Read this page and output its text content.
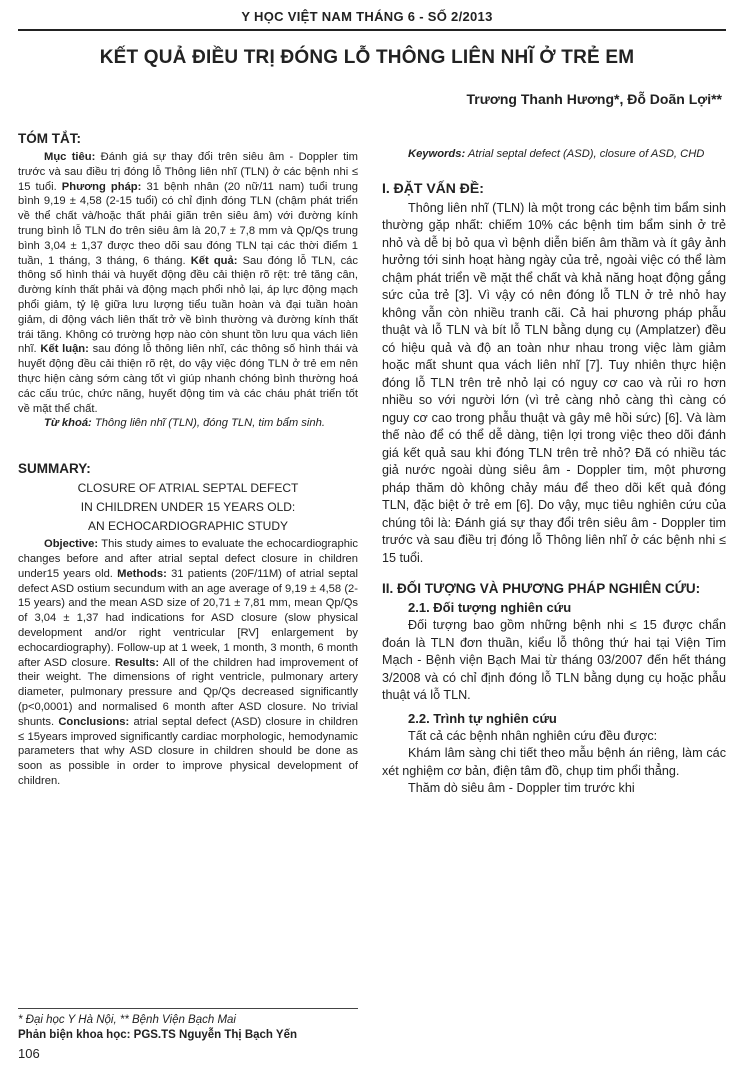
Y HỌC VIỆT NAM THÁNG 6 - SỐ 2/2013
KẾT QUẢ ĐIỀU TRỊ ĐÓNG LỖ THÔNG LIÊN NHĨ Ở TRẺ EM
Trương Thanh Hương*, Đỗ Doãn Lợi**
TÓM TẮT:

Mục tiêu: Đánh giá sự thay đổi trên siêu âm - Doppler tim trước và sau điều trị đóng lỗ Thông liên nhĩ (TLN) ở các bệnh nhi ≤ 15 tuổi. Phương pháp: 31 bệnh nhân (20 nữ/11 nam) tuổi trung bình 9,19 ± 4,58 (2-15 tuổi) có chỉ định đóng TLN (chậm phát triển về thể chất và/hoặc thất phải giãn trên siêu âm) với đường kính trung bình lỗ TLN đo trên siêu âm là 20,7 ± 7,8 mm và Qp/Qs trung bình 3,04 ± 1,37 được theo dõi sau đóng TLN tại các thời điểm 1 tuần, 1 tháng, 3 tháng, 6 tháng. Kết quả: Sau đóng lỗ TLN, các thông số hình thái và huyết động đều cải thiện rõ rệt: trẻ tăng cân, đường kính thất phải và động mạch phổi nhỏ lại, áp lực động mạch phổi giảm, tỷ lệ giữa lưu lượng tiểu tuần hoàn và đại tuần hoàn giảm, di động vách liên thất trở về bình thường và đường kính thất trái tăng. Không có trường hợp nào còn shunt tồn lưu qua vách liên nhĩ. Kết luận: sau đóng lỗ thông liên nhĩ, các thông số hình thái và huyết động đều cải thiện rõ rệt, do vậy việc đóng TLN ở trẻ em nên thực hiện càng sớm càng tốt vì giúp nhanh chóng bình thường hoá các cấu trúc, chức năng, huyết động tim và các cháu phát triển tốt về mặt thể chất.

Từ khoá: Thông liên nhĩ (TLN), đóng TLN, tim bẩm sinh.

SUMMARY:
CLOSURE OF ATRIAL SEPTAL DEFECT
IN CHILDREN UNDER 15 YEARS OLD:
AN ECHOCARDIOGRAPHIC STUDY

Objective: This study aimes to evaluate the echocardiographic changes before and after atrial septal defect closure in children under15 years old. Methods: 31 patients (20F/11M) of atrial septal defect ASD ostium secundum with an age average of 9,19 ± 4,58 (2-15 years) and the mean ASD size of 20,71 ± 7,81 mm, mean Qp/Qs of 3,04 ± 1,37 had indications for ASD closure (slow physical development and/or right ventricular [RV] enlargement by echocardiography). Follow-up at 1 week, 1 month, 3 month, 6 month after ASD closure. Results: All of the children had improvement of their weight. The dimensions of right ventricle, pulmonary artery diameter, pulmonary pressure and Qp/Qs decreased significantly (p<0,0001) and normalised 6 month after ASD closure. No trivial shunts. Conclusions: atrial septal defect (ASD) closure in children ≤ 15years improved significantly cardiac morphologic, hemodynamic parameters that why ASD closure in children should be done as soon as possible in order to improve physical development of children.

* Đại học Y Hà Nội, ** Bệnh Viện Bạch Mai
Phản biện khoa học: PGS.TS Nguyễn Thị Bạch Yến
106

Keywords: Atrial septal defect (ASD), closure of ASD, CHD

I. ĐẶT VẤN ĐỀ:

Thông liên nhĩ (TLN) là một trong các bệnh tim bẩm sinh thường gặp nhất: chiếm 10% các bệnh tim bẩm sinh ở trẻ nhỏ và dễ bị bỏ qua vì bệnh diễn biến âm thầm và ít gây ảnh hưởng tới sinh hoạt hàng ngày của trẻ, ngoài việc có thể làm chậm phát triển về mặt thể chất và khả năng hoạt động gắng sức của trẻ [3]. Vì vậy có nên đóng lỗ TLN ở trẻ nhỏ hay không vẫn còn nhiều tranh cãi. Cả hai phương pháp phẫu thuật và lỗ TLN và bít lỗ TLN bằng dụng cụ (Amplatzer) đều có hiệu quả và độ an toàn như nhau trong việc làm giảm hoặc mất shunt qua vách liên nhĩ [7]. Tuy nhiên thực hiện đóng lỗ TLN trên trẻ nhỏ lại có nguy cơ cao và rủi ro hơn nhiều so với người lớn (vì trẻ càng nhỏ càng thì càng có nguy cơ cao trong phẫu thuật và gây mê hồi sức) [6]. Và làm thế nào để có thể dễ dàng, tiện lợi trong việc theo dõi đánh giá kết quả sau khi đóng TLN trên trẻ nhỏ? Đã có nhiều tác giả nước ngoài dùng siêu âm - Doppler tim, một phương pháp thăm dò không chảy máu để theo dõi kết quả đóng TLN, đặc biệt ở trẻ em [6]. Do vậy, mục tiêu nghiên cứu của chúng tôi là: Đánh giá sự thay đổi trên siêu âm - Doppler tim trước và sau điều trị đóng lỗ Thông liên nhĩ ở các bệnh nhi ≤ 15 tuổi.

II. ĐỐI TƯỢNG VÀ PHƯƠNG PHÁP NGHIÊN CỨU:
2.1. Đối tượng nghiên cứu

Đối tượng bao gồm những bệnh nhi ≤ 15 được chẩn đoán là TLN đơn thuần, kiểu lỗ thông thứ hai tại Viện Tim Mạch - Bệnh viện Bạch Mai từ tháng 03/2007 đến hết tháng 3/2008 và có chỉ định đóng lỗ TLN bằng dụng cụ hoặc phẫu thuật vá lỗ TLN.

2.2. Trình tự nghiên cứu

Tất cả các bệnh nhân nghiên cứu đều được:

Khám lâm sàng chi tiết theo mẫu bệnh án riêng, làm các xét nghiệm cơ bản, điện tâm đồ, chụp tim phổi thẳng.

Thăm dò siêu âm - Doppler tim trước khi
